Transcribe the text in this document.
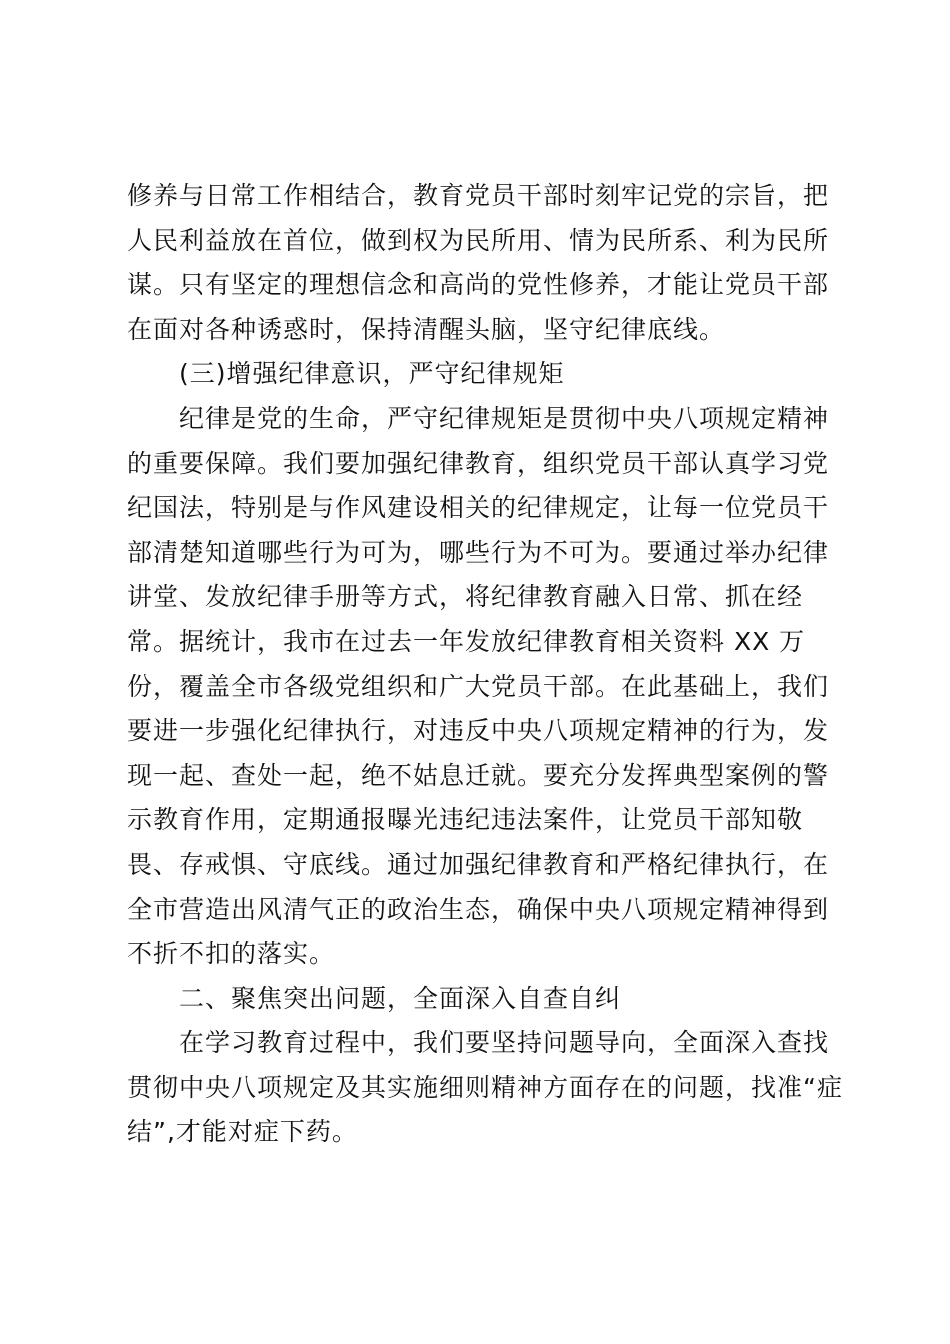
修养与日常工作相结合，教育党员干部时刻牢记党的宗旨，把
人民利益放在首位，做到权为民所用、情为民所系、利为民所
谋。只有坚定的理想信念和高尚的党性修养，才能让党员干部
在面对各种诱惑时，保持清醒头脑，坚守纪律底线。
(三)增强纪律意识，严守纪律规矩
纪律是党的生命，严守纪律规矩是贯彻中央八项规定精神
的重要保障。我们要加强纪律教育，组织党员干部认真学习党
纪国法，特别是与作风建设相关的纪律规定，让每一位党员干
部清楚知道哪些行为可为，哪些行为不可为。要通过举办纪律
讲堂、发放纪律手册等方式，将纪律教育融入日常、抓在经
常。据统计，我市在过去一年发放纪律教育相关资料 XX 万
份，覆盖全市各级党组织和广大党员干部。在此基础上，我们
要进一步强化纪律执行，对违反中央八项规定精神的行为，发
现一起、查处一起，绝不姑息迁就。要充分发挥典型案例的警
示教育作用，定期通报曝光违纪违法案件，让党员干部知敬
畏、存戒惧、守底线。通过加强纪律教育和严格纪律执行，在
全市营造出风清气正的政治生态，确保中央八项规定精神得到
不折不扣的落实。
二、聚焦突出问题，全面深入自查自纠
在学习教育过程中，我们要坚持问题导向，全面深入查找
贯彻中央八项规定及其实施细则精神方面存在的问题，找准“症
结”,才能对症下药。
